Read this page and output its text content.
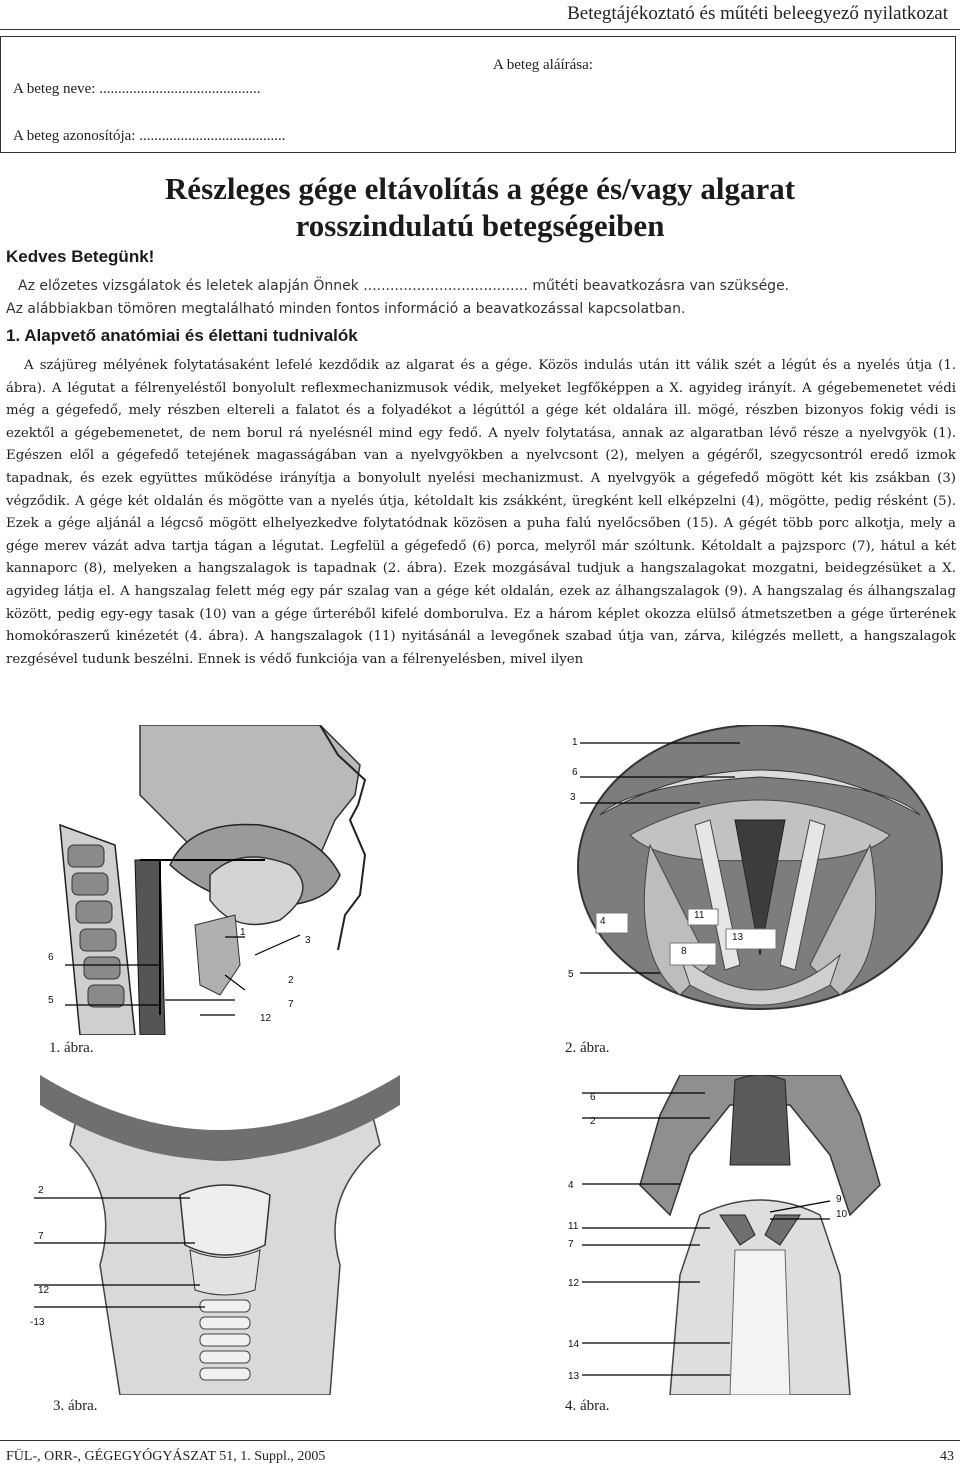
Betegtájékoztató és műtéti beleegyező nyilatkozat
A beteg neve: ...........................................
A beteg azonosítója: .......................................
A beteg aláírása:
Részleges gége eltávolítás a gége és/vagy algarat
rosszindulatú betegségeiben
Kedves Betegünk!
Az előzetes vizsgálatok és leletek alapján Önnek ..................................... műtéti beavatkozásra van szüksége.
Az alábbiakban tömören megtalálható minden fontos információ a beavatkozással kapcsolatban.
1. Alapvető anatómiai és élettani tudnivalók

A szájüreg mélyének folytatásaként lefelé kezdődik az algarat és a gége. Közös indulás után itt válik szét a légút és a nyelés útja (1. ábra). A légutat a félrenyeléstől bonyolult reflexmechanizmusok védik, melyeket legfőképpen a X. agyideg irányít. A gégebemenetet védi még a gégefedő, mely részben eltereli a falatot és a folyadékot a légúttól a gége két oldalára ill. mögé, részben bizonyos fokig védi is ezektől a gégebemenetet, de nem borul rá nyelésnél mind egy fedő. A nyelv folytatása, annak az algaratban lévő része a nyelvgyök (1). Egészen elől a gégefedő tetejének magasságában van a nyelvgyökben a nyelvcsont (2), melyen a gégéről, szegycsontról eredő izmok tapadnak, és ezek együttes működése irányítja a bonyolult nyelési mechanizmust. A nyelvgyök a gégefedő mögött két kis zsákban (3) végződik. A gége két oldalán és mögötte van a nyelés útja, kétoldalt kis zsákként, üregként kell elképzelni (4), mögötte, pedig résként (5). Ezek a gége aljánál a légcső mögött elhelyezkedve folytatódnak közösen a puha falú nyelőcsőben (15). A gégét több porc alkotja, mely a gége merev vázát adva tartja tágan a légutat. Legfelül a gégefedő (6) porca, melyről már szóltunk. Kétoldalt a pajzsporc (7), hátul a két kannaporc (8), melyeken a hangszalagok is tapadnak (2. ábra). Ezek mozgásával tudjuk a hangszalagokat mozgatni, beidegzésüket a X. agyideg látja el. A hangszalag felett még egy pár szalag van a gége két oldalán, ezek az álhangszalagok (9). A hangszalag és álhangszalag között, pedig egy-egy tasak (10) van a gége űrteréből kifelé domborulva. Ez a három képlet okozza elülső átmetszetben a gége űrterének homokóraszerű kinézetét (4. ábra). A hangszalagok (11) nyitásánál a levegőnek szabad útja van, zárva, kilégzés mellett, a hangszalagok rezgésével tudunk beszélni. Ennek is védő funkciója van a félrenyelésben, mivel ilyen

6
1
2
3
5	7
12
1. ábra.
1
6
3
4
11
13
8
5
2. ábra.
2
7
12
-13
3. ábra.
6
2
4
11
7
12
14
13
9
10
4. ábra.
FÜL-, ORR-, GÉGEGYÓGYÁSZAT 51, 1. Suppl., 2005	43
